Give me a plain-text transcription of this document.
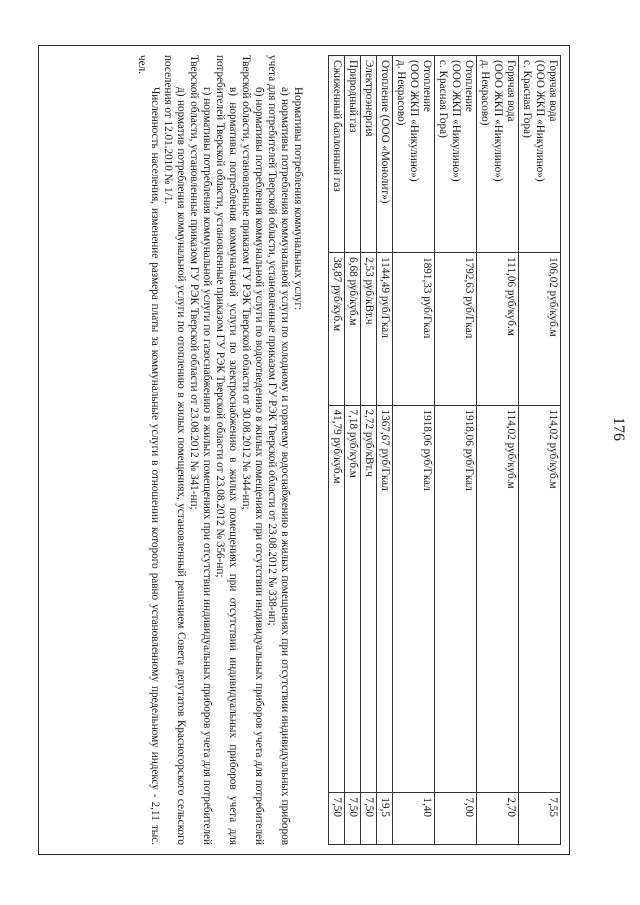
176
Горячая вода
(ООО ЖКП «Никулино»)
с. Красная Гора)	106,02 руб/куб.м	114,02 руб/куб.м	7,55

Горячая вода
(ООО ЖКП «Никулино»)
д. Некрасово)	111,06 руб/куб.м	114,02 руб/куб.м	2,70

Отопление
(ООО ЖКП «Никулино»)
с. Красная Гора)	1792,63 руб/Гкал	1918,06 руб/Гкал	7,00

Отопление
(ООО ЖКП «Никулино»)
д. Некрасово)	1891,33 руб/Гкал	1918,06 руб/Гкал	1,40

Отопление (ООО «Монолит»)	1144,49 руб/Гкал	1367,67 руб/Гкал	19,5

Электроэнергия	2,53 руб/кВт.ч	2,72 руб/кВт.ч	7,50

Природный газ	6,68 руб/куб.м	7,18 руб/куб.м	7,50

Сжиженный баллонный газ	38,87 руб/куб.м	41,79 руб/куб.м	7,50

Нормативы потребления коммунальных услуг:

а) нормативы потребления коммунальной услуги по холодному и горячему водоснабжению в жилых помещениях при отсутствии индивидуальных приборов учета для потребителей Тверской области, установленные приказом ГУ РЭК Тверской области от 23.08.2012 № 338-нп;

б) нормативы потребления коммунальной услуги по водоотведению в жилых помещениях при отсутствии индивидуальных приборов учета для потребителей Тверской области, установленные приказом ГУ РЭК Тверской области от 30.08.2012 № 344-нп;

в) нормативы потребления коммунальной услуги по электроснабжению в жилых помещениях при отсутствии индивидуальных приборов учета для потребителей Тверской области, установленные приказом ГУ РЭК Тверской области от 23.08.2012 № 356-нп;

г) нормативы потребления коммунальной услуги по газоснабжению в жилых помещениях при отсутствии индивидуальных приборов учета для потребителей Тверской области, установленные приказом ГУ РЭК Тверской области от 23.08.2012 № 341-нп;

д) норматив потребления коммунальной услуги по отоплению в жилых помещениях, установленный решением Совета депутатов Красногорского сельского поселения от 12.01.2010 № 1/1.

Численность населения, изменение размера платы за коммунальные услуги в отношении которого равно установленному предельному индексу - 2,11 тыс. чел.
